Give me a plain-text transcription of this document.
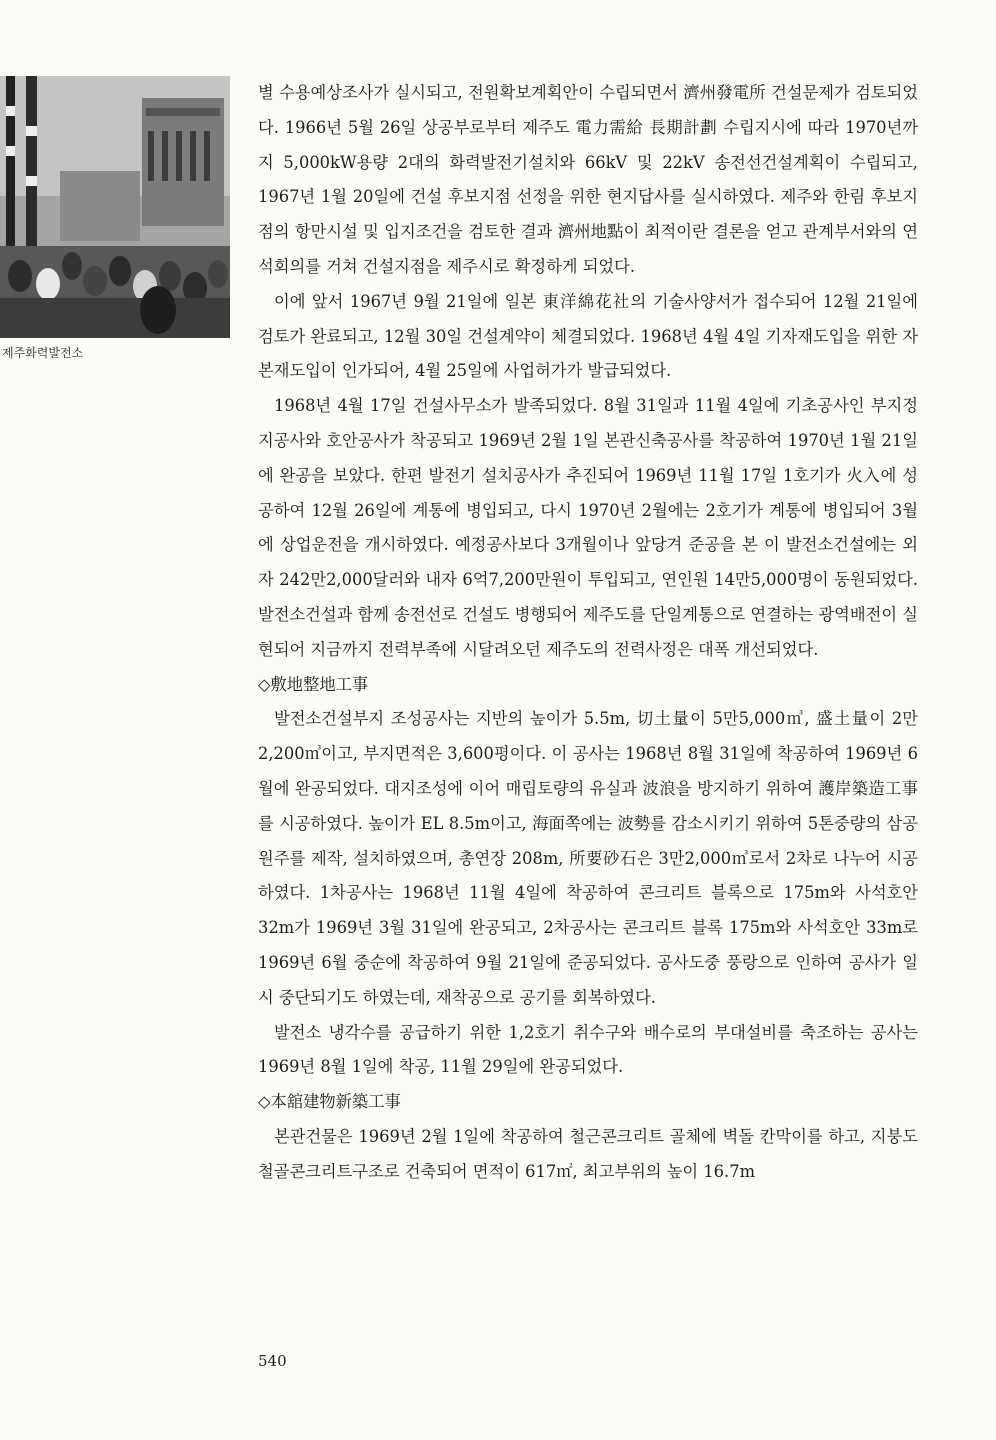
제주화력발전소

별 수용예상조사가 실시되고, 전원확보계획안이 수립되면서 濟州發電所 건설문제가 검토되었다. 1966년 5월 26일 상공부로부터 제주도 電力需給 長期計劃 수립지시에 따라 1970년까지 5,000kW용량 2대의 화력발전기설치와 66kV 및 22kV 송전선건설계획이 수립되고, 1967년 1월 20일에 건설 후보지점 선정을 위한 현지답사를 실시하였다. 제주와 한림 후보지점의 항만시설 및 입지조건을 검토한 결과 濟州地點이 최적이란 결론을 얻고 관계부서와의 연석회의를 거쳐 건설지점을 제주시로 확정하게 되었다.

이에 앞서 1967년 9월 21일에 일본 東洋綿花社의 기술사양서가 접수되어 12월 21일에 검토가 완료되고, 12월 30일 건설계약이 체결되었다. 1968년 4월 4일 기자재도입을 위한 자본재도입이 인가되어, 4월 25일에 사업허가가 발급되었다.

1968년 4월 17일 건설사무소가 발족되었다. 8월 31일과 11월 4일에 기초공사인 부지정지공사와 호안공사가 착공되고 1969년 2월 1일 본관신축공사를 착공하여 1970년 1월 21일에 완공을 보았다. 한편 발전기 설치공사가 추진되어 1969년 11월 17일 1호기가 火入에 성공하여 12월 26일에 계통에 병입되고, 다시 1970년 2월에는 2호기가 계통에 병입되어 3월에 상업운전을 개시하였다. 예정공사보다 3개월이나 앞당겨 준공을 본 이 발전소건설에는 외자 242만2,000달러와 내자 6억7,200만원이 투입되고, 연인원 14만5,000명이 동원되었다. 발전소건설과 함께 송전선로 건설도 병행되어 제주도를 단일계통으로 연결하는 광역배전이 실현되어 지금까지 전력부족에 시달려오던 제주도의 전력사정은 대폭 개선되었다.

◇敷地整地工事

발전소건설부지 조성공사는 지반의 높이가 5.5m, 切土量이 5만5,000㎥, 盛土量이 2만2,200㎥이고, 부지면적은 3,600평이다. 이 공사는 1968년 8월 31일에 착공하여 1969년 6월에 완공되었다. 대지조성에 이어 매립토량의 유실과 波浪을 방지하기 위하여 護岸築造工事를 시공하였다. 높이가 EL 8.5m이고, 海面쪽에는 波勢를 감소시키기 위하여 5톤중량의 삼공원주를 제작, 설치하였으며, 총연장 208m, 所要砂石은 3만2,000㎥로서 2차로 나누어 시공하였다. 1차공사는 1968년 11월 4일에 착공하여 콘크리트 블록으로 175m와 사석호안 32m가 1969년 3월 31일에 완공되고, 2차공사는 콘크리트 블록 175m와 사석호안 33m로 1969년 6월 중순에 착공하여 9월 21일에 준공되었다. 공사도중 풍랑으로 인하여 공사가 일시 중단되기도 하였는데, 재착공으로 공기를 회복하였다.

발전소 냉각수를 공급하기 위한 1,2호기 취수구와 배수로의 부대설비를 축조하는 공사는 1969년 8월 1일에 착공, 11월 29일에 완공되었다.

◇本舘建物新築工事

본관건물은 1969년 2월 1일에 착공하여 철근콘크리트 골체에 벽돌 칸막이를 하고, 지붕도 철골콘크리트구조로 건축되어 면적이 617㎡, 최고부위의 높이 16.7m

540
